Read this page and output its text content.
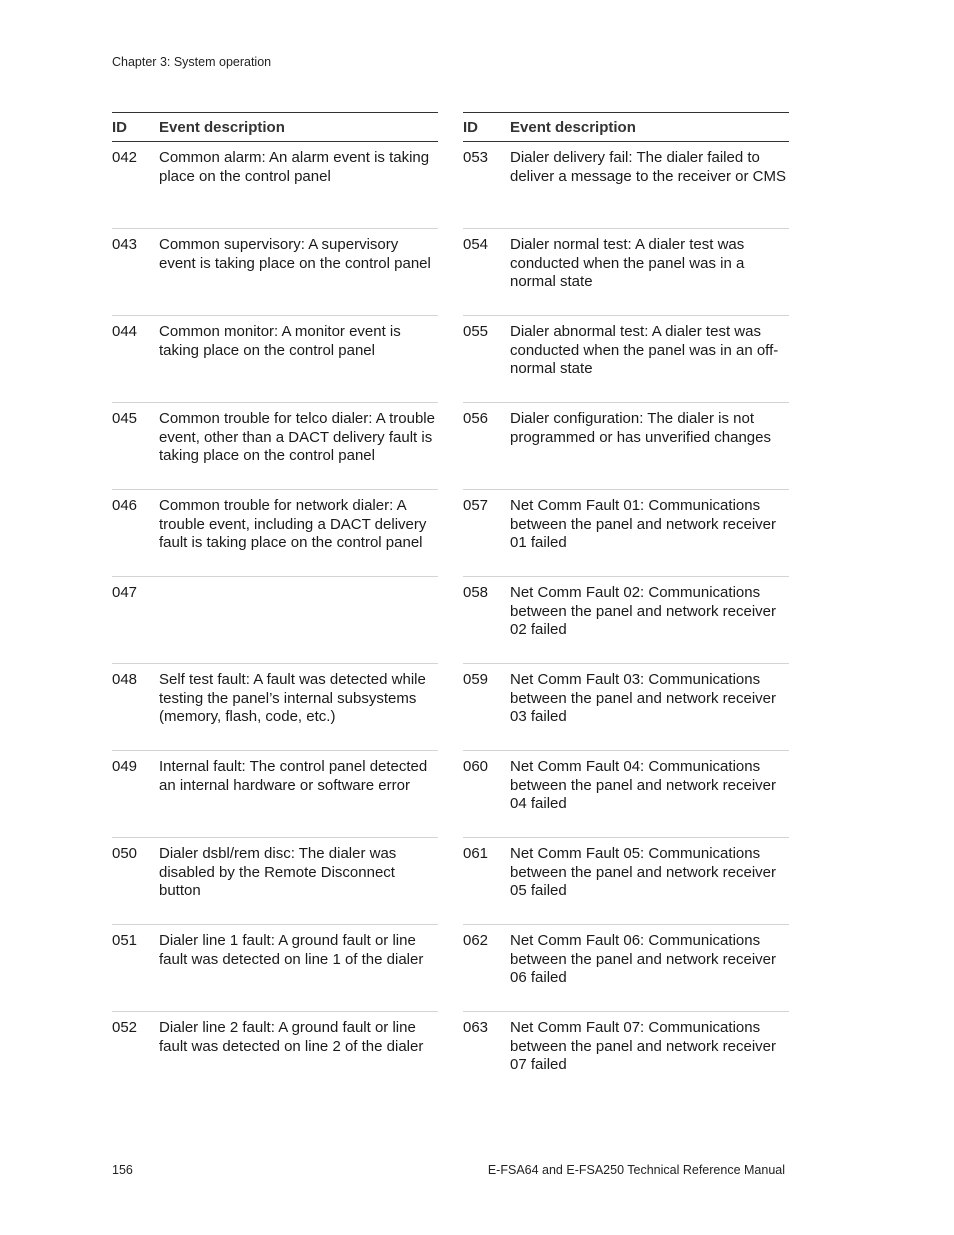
Chapter 3: System operation
ID	Event description
042	Common alarm: An alarm event is taking place on the control panel
043	Common supervisory: A supervisory event is taking place on the control panel
044	Common monitor: A monitor event is taking place on the control panel
045	Common trouble for telco dialer: A trouble event, other than a DACT delivery fault is taking place on the control panel
046	Common trouble for network dialer: A trouble event, including a DACT delivery fault is taking place on the control panel
047
048	Self test fault: A fault was detected while testing the panel’s internal subsystems (memory, flash, code, etc.)
049	Internal fault: The control panel detected an internal hardware or software error
050	Dialer dsbl/rem disc: The dialer was disabled by the Remote Disconnect button
051	Dialer line 1 fault: A ground fault or line fault was detected on line 1 of the dialer
052	Dialer line 2 fault: A ground fault or line fault was detected on line 2 of the dialer
ID	Event description
053	Dialer delivery fail: The dialer failed to deliver a message to the receiver or CMS
054	Dialer normal test: A dialer test was conducted when the panel was in a normal state
055	Dialer abnormal test: A dialer test was conducted when the panel was in an off-normal state
056	Dialer configuration: The dialer is not programmed or has unverified changes
057	Net Comm Fault 01: Communications between the panel and network receiver 01 failed
058	Net Comm Fault 02: Communications between the panel and network receiver 02 failed
059	Net Comm Fault 03: Communications between the panel and network receiver 03 failed
060	Net Comm Fault 04: Communications between the panel and network receiver 04 failed
061	Net Comm Fault 05: Communications between the panel and network receiver 05 failed
062	Net Comm Fault 06: Communications between the panel and network receiver 06 failed
063	Net Comm Fault 07: Communications between the panel and network receiver 07 failed
156	E-FSA64 and E-FSA250 Technical Reference Manual
